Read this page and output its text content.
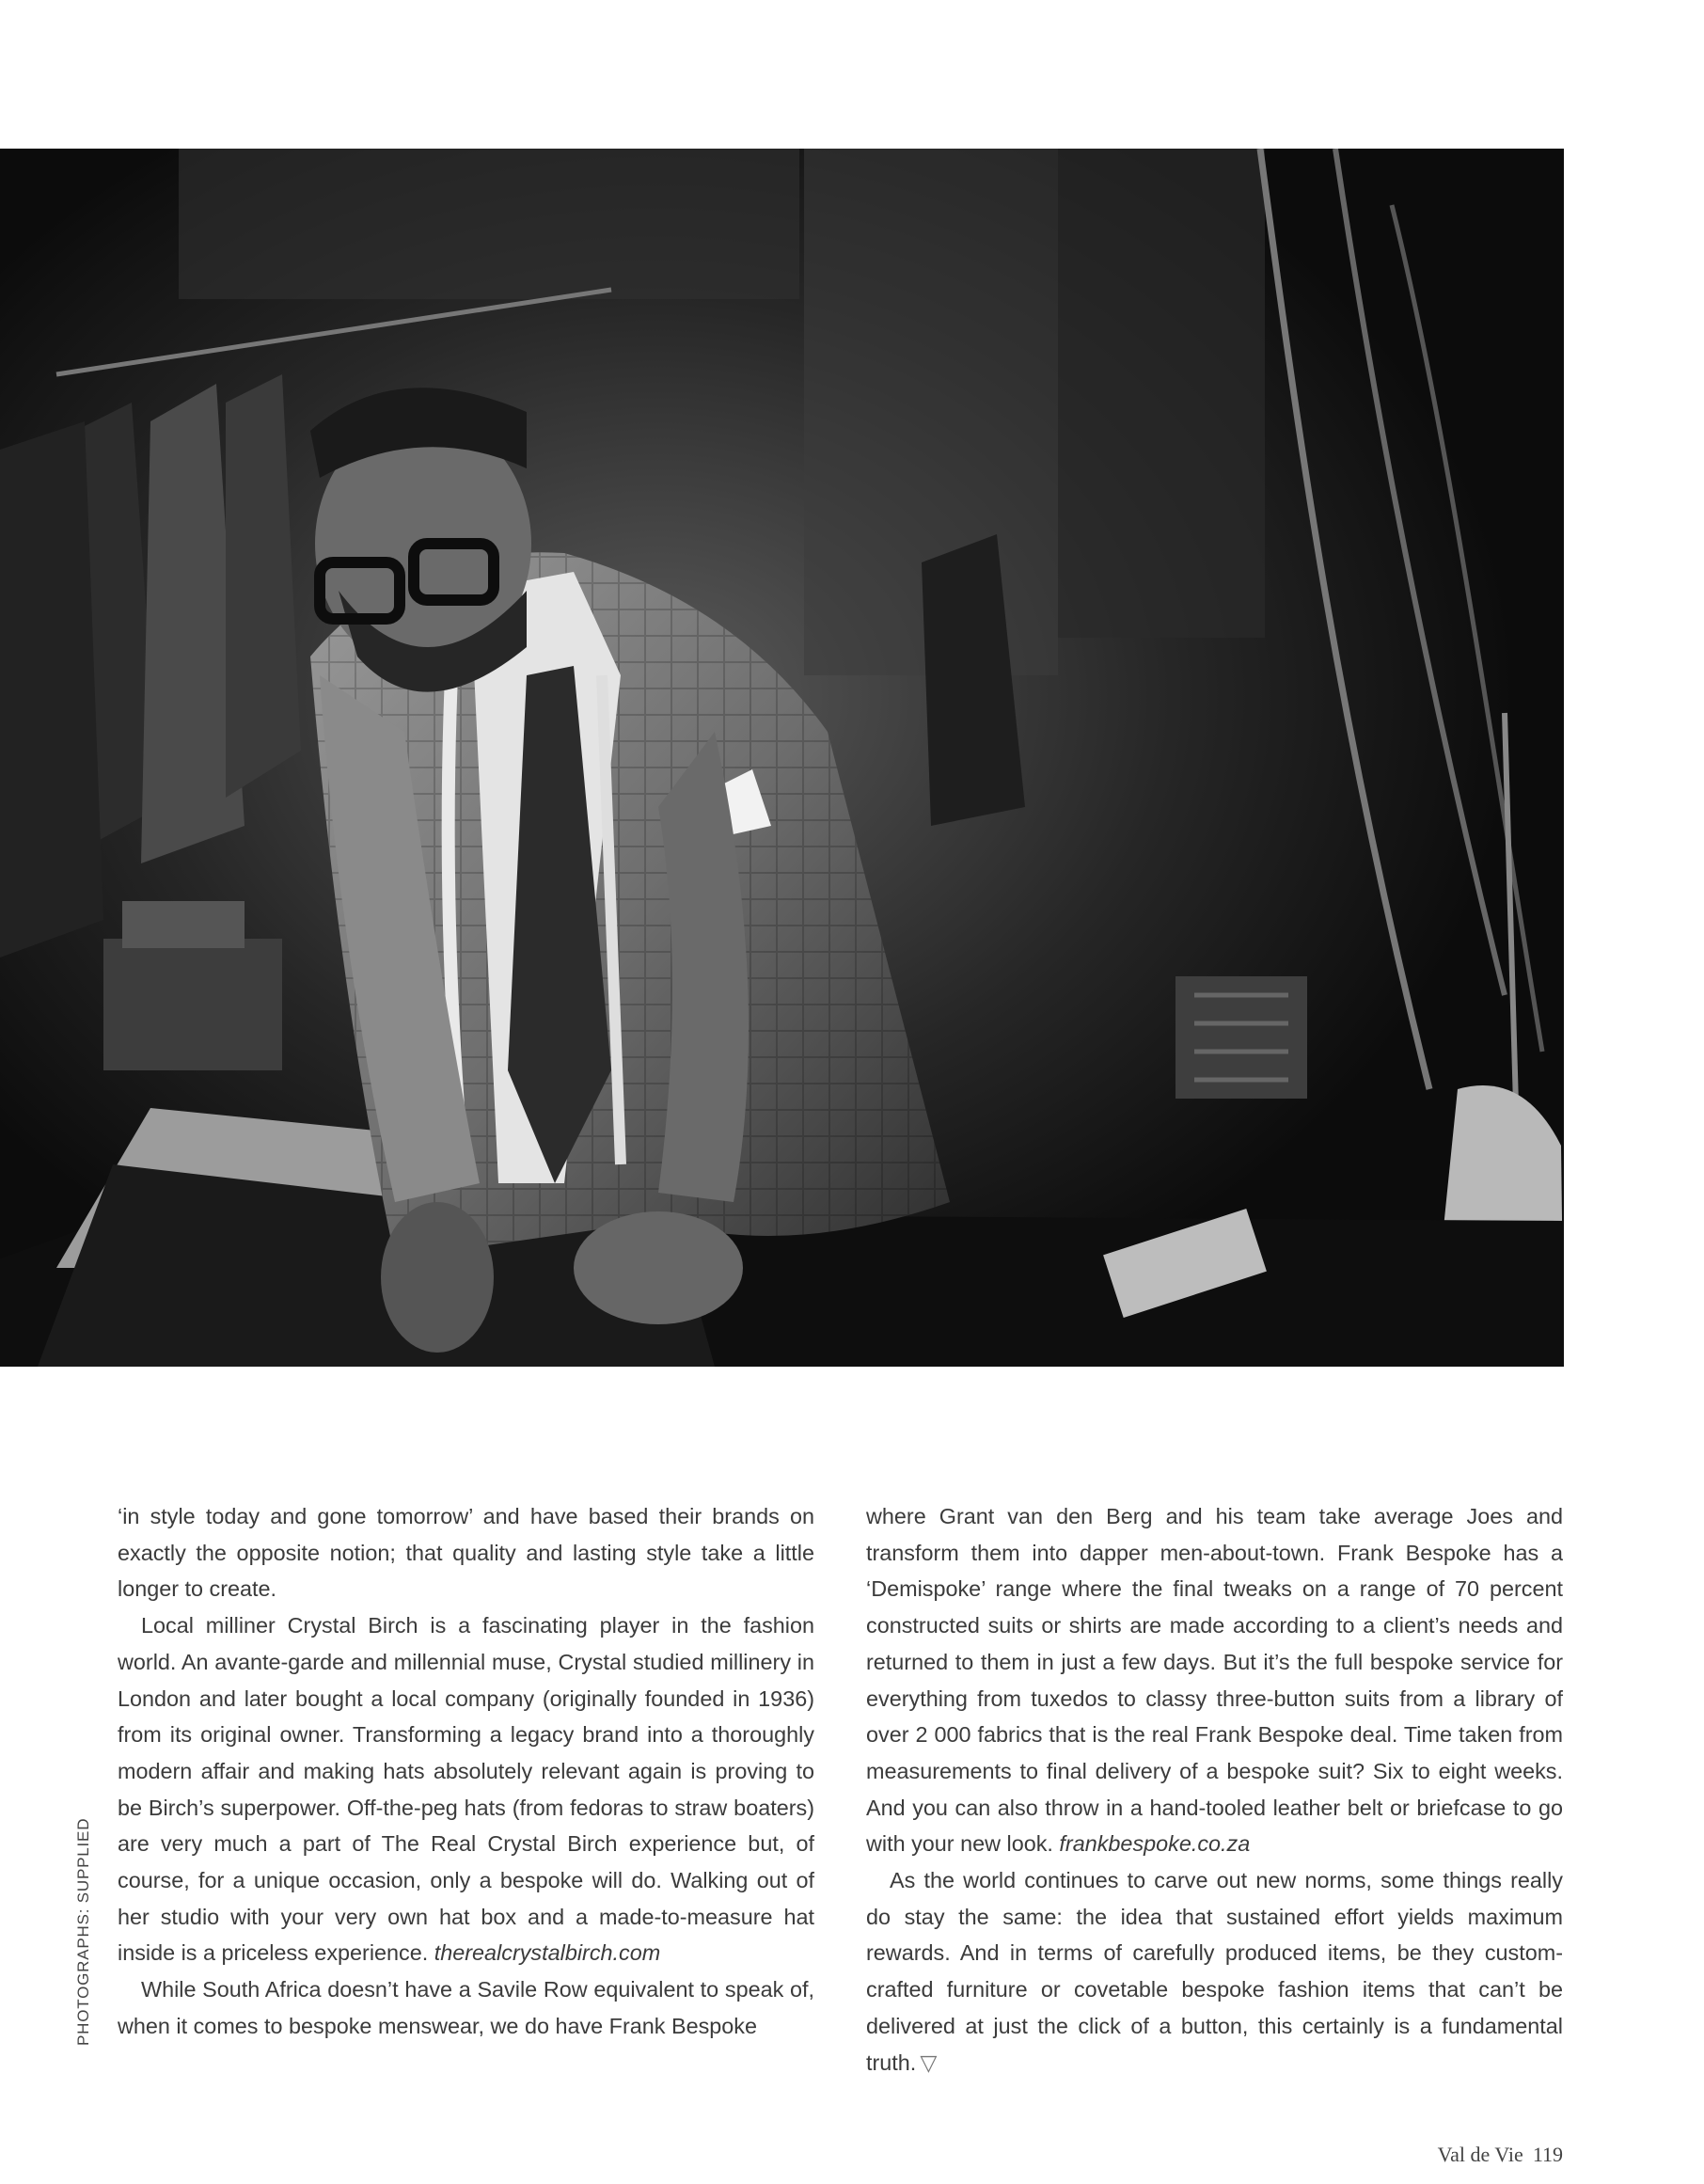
PHOTOGRAPHS: SUPPLIED

‘in style today and gone tomorrow’ and have based their brands on exactly the opposite notion; that quality and lasting style take a little longer to create.

Local milliner Crystal Birch is a fascinating player in the fashion world. An avante-garde and millennial muse, Crystal studied millinery in London and later bought a local company (originally founded in 1936) from its original owner. Transforming a legacy brand into a thoroughly modern affair and making hats absolutely relevant again is proving to be Birch’s superpower. Off-the-peg hats (from fedoras to straw boaters) are very much a part of The Real Crystal Birch experience but, of course, for a unique occasion, only a bespoke will do. Walking out of her studio with your very own hat box and a made-to-measure hat inside is a priceless experience. therealcrystalbirch.com

While South Africa doesn’t have a Savile Row equivalent to speak of, when it comes to bespoke menswear, we do have Frank Bespoke

where Grant van den Berg and his team take average Joes and transform them into dapper men-about-town. Frank Bespoke has a ‘Demispoke’ range where the final tweaks on a range of 70 percent constructed suits or shirts are made according to a client’s needs and returned to them in just a few days. But it’s the full bespoke service for everything from tuxedos to classy three-button suits from a library of over 2 000 fabrics that is the real Frank Bespoke deal. Time taken from measurements to final delivery of a bespoke suit? Six to eight weeks. And you can also throw in a hand-tooled leather belt or briefcase to go with your new look. frankbespoke.co.za

As the world continues to carve out new norms, some things really do stay the same: the idea that sustained effort yields maximum rewards. And in terms of carefully produced items, be they custom-crafted furniture or covetable bespoke fashion items that can’t be delivered at just the click of a button, this certainly is a fundamental truth. ▽

Val de Vie 119
